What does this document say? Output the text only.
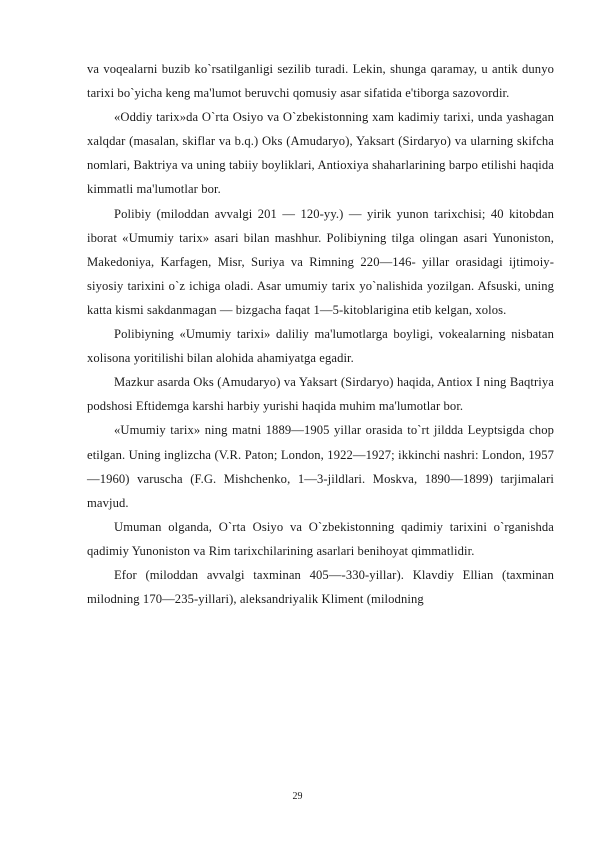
va voqealarni buzib ko`rsatilganligi sezilib turadi. Lekin, shunga qaramay, u antik dunyo tarixi bo`yicha keng ma'lumot beruvchi qomusiy asar sifatida e'tiborga sazovordir.

«Oddiy tarix»da O`rta Osiyo va O`zbekistonning xam kadimiy tarixi, unda yashagan xalqdar (masalan, skiflar va b.q.) Oks (Amudaryo), Yaksart (Sirdaryo) va ularning skifcha nomlari, Baktriya va uning tabiiy boyliklari, Antioxiya shaharlarining barpo etilishi haqida kimmatli ma'lumotlar bor.

Polibiy (miloddan avvalgi 201 — 120-yy.) — yirik yunon tarixchisi; 40 kitobdan iborat «Umumiy tarix» asari bilan mashhur. Polibiyning tilga olingan asari Yunoniston, Makedoniya, Karfagen, Misr, Suriya va Rimning 220—146- yillar orasidagi ijtimoiy-siyosiy tarixini o`z ichiga oladi. Asar umumiy tarix yo`nalishida yozilgan. Afsuski, uning katta kismi sakdanmagan — bizgacha faqat 1—5-kitoblarigina etib kelgan, xolos.

Polibiyning «Umumiy tarixi» daliliy ma'lumotlarga boyligi, vokealarning nisbatan xolisona yoritilishi bilan alohida ahamiyatga egadir.

Mazkur asarda Oks (Amudaryo) va Yaksart (Sirdaryo) haqida, Antiox I ning Baqtriya podshosi Eftidemga karshi harbiy yurishi haqida muhim ma'lumotlar bor.

«Umumiy tarix» ning matni 1889—1905 yillar orasida to`rt jildda Leyptsigda chop etilgan. Uning inglizcha (V.R. Paton; London, 1922—1927; ikkinchi nashri: London, 1957—1960) varuscha (F.G. Mishchenko, 1—3-jildlari. Moskva, 1890—1899) tarjimalari mavjud.

Umuman olganda, O`rta Osiyo va O`zbekistonning qadimiy tarixini o`rganishda qadimiy Yunoniston va Rim tarixchilarining asarlari benihoyat qimmatlidir.

Efor (miloddan avvalgi taxminan 405—-330-yillar). Klavdiy Ellian (taxminan milodning 170—235-yillari), aleksandriyalik Kliment (milodning

29
